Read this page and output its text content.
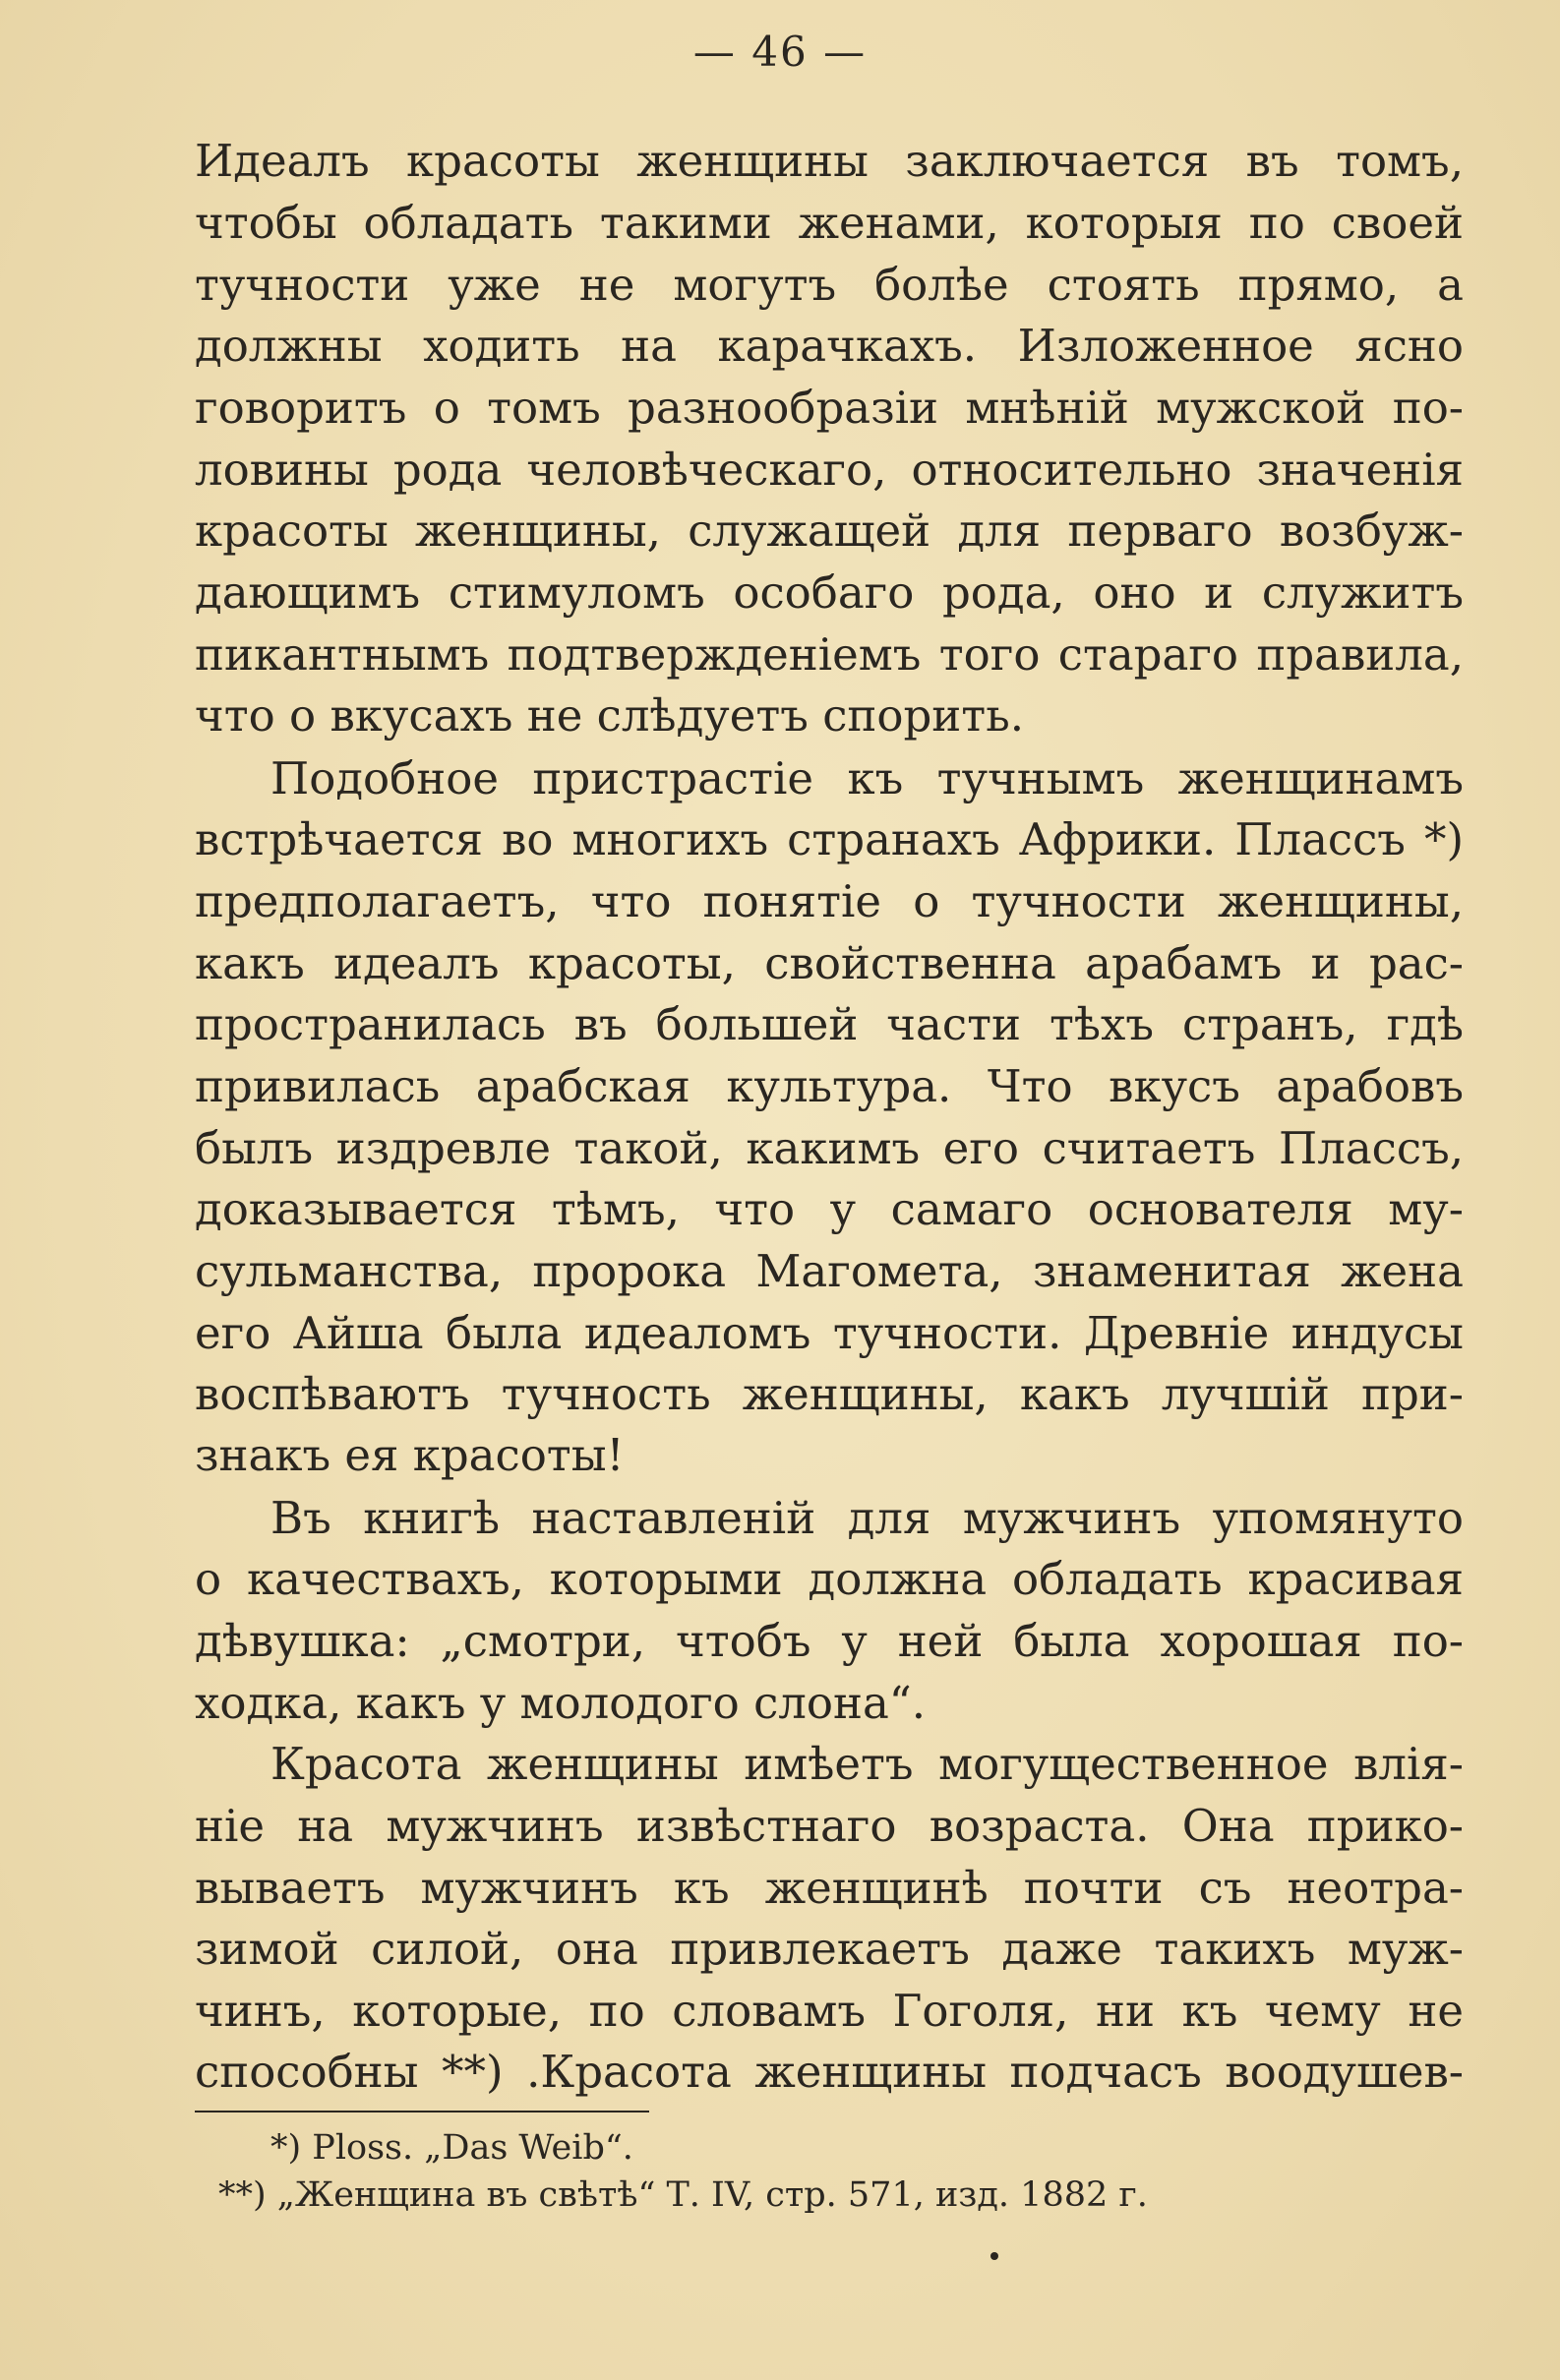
— 46 —
Идеалъ красоты женщины заключается въ томъ,
чтобы обладать такими женами, которыя по своей
тучности уже не могутъ болѣе стоять прямо, а
должны ходить на карачкахъ. Изложенное ясно
говоритъ о томъ разнообразiи мнѣнiй мужской по-
ловины рода человѣческаго, относительно значенiя
красоты женщины, служащей для перваго возбуж-
дающимъ стимуломъ особаго рода, оно и служитъ
пикантнымъ подтвержденiемъ того стараго правила,
что о вкусахъ не слѣдуетъ спорить.
Подобное пристрастiе къ тучнымъ женщинамъ
встрѣчается во многихъ странахъ Африки. Плассъ *)
предполагаетъ, что понятiе о тучности женщины,
какъ идеалъ красоты, свойственна арабамъ и рас-
пространилась въ большей части тѣхъ странъ, гдѣ
привилась арабская культура. Что вкусъ арабовъ
былъ издревле такой, какимъ его считаетъ Плассъ,
доказывается тѣмъ, что у самаго основателя му-
сульманства, пророка Магомета, знаменитая жена
его Айша была идеаломъ тучности. Древнiе индусы
воспѣваютъ тучность женщины, какъ лучшiй при-
знакъ ея красоты!
Въ книгѣ наставленiй для мужчинъ упомянуто
о качествахъ, которыми должна обладать красивая
дѣвушка: „смотри, чтобъ у ней была хорошая по-
ходка, какъ у молодого слона“.
Красота женщины имѣетъ могущественное влiя-
нiе на мужчинъ извѣстнаго возраста. Она прико-
вываетъ мужчинъ къ женщинѣ почти съ неотра-
зимой силой, она привлекаетъ даже такихъ муж-
чинъ, которые, по словамъ Гоголя, ни къ чему не
способны **) .Красота женщины подчасъ воодушев-
*) Ploss. „Das Weib“.
**) „Женщина въ свѣтѣ“ Т. IV, стр. 571, изд. 1882 г.
